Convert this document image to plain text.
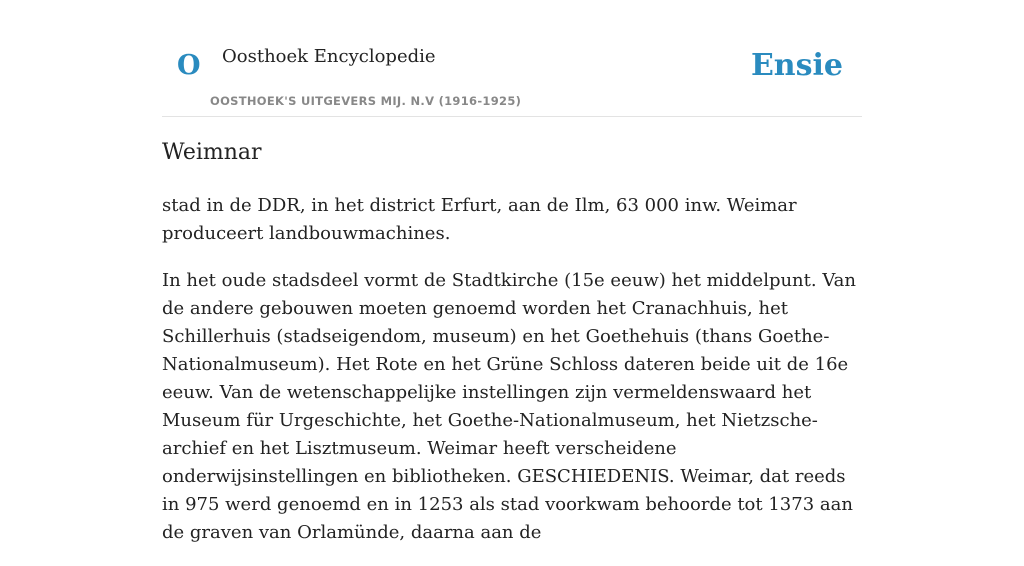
O Oosthoek Encyclopedie
OOSTHOEK'S UITGEVERS MIJ. N.V (1916-1925)
Ensie
Weimnar

stad in de DDR, in het district Erfurt, aan de Ilm, 63 000 inw. Weimar produceert landbouwmachines.

In het oude stadsdeel vormt de Stadtkirche (15e eeuw) het middelpunt. Van de andere gebouwen moeten genoemd worden het Cranachhuis, het Schillerhuis (stadseigendom, museum) en het Goethehuis (thans Goethe-Nationalmuseum). Het Rote en het Grüne Schloss dateren beide uit de 16e eeuw. Van de wetenschappelijke instellingen zijn vermeldenswaard het Museum für Urgeschichte, het Goethe-Nationalmuseum, het Nietzsche-archief en het Lisztmuseum. Weimar heeft verscheidene onderwijsinstellingen en bibliotheken. GESCHIEDENIS. Weimar, dat reeds in 975 werd genoemd en in 1253 als stad voorkwam behoorde tot 1373 aan de graven van Orlamünde, daarna aan de
